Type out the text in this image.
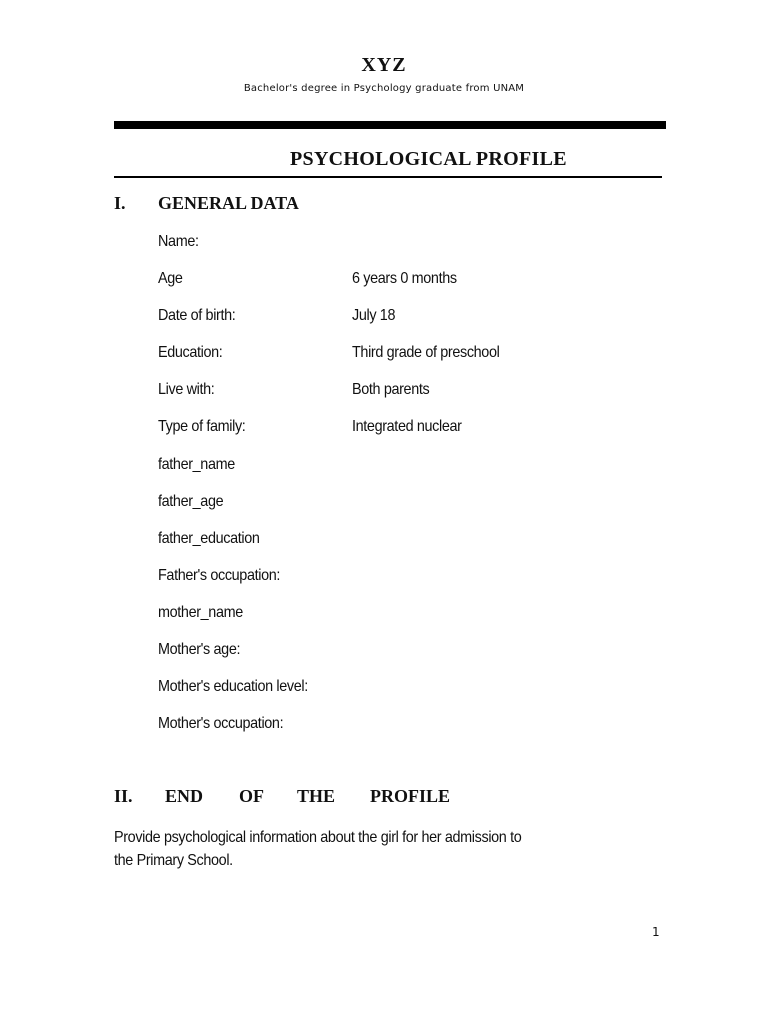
XYZ
Bachelor's degree in Psychology graduate from UNAM
PSYCHOLOGICAL PROFILE
I. GENERAL DATA
Name:
Age	6 years 0 months
Date of birth:	July 18
Education:	Third grade of preschool
Live with:	Both parents
Type of family:	Integrated nuclear
father_name
father_age
father_education
Father's occupation:
mother_name
Mother's age:
Mother's education level:
Mother's occupation:
II. END OF THE PROFILE
Provide psychological information about the girl for her admission to the Primary School.
1
